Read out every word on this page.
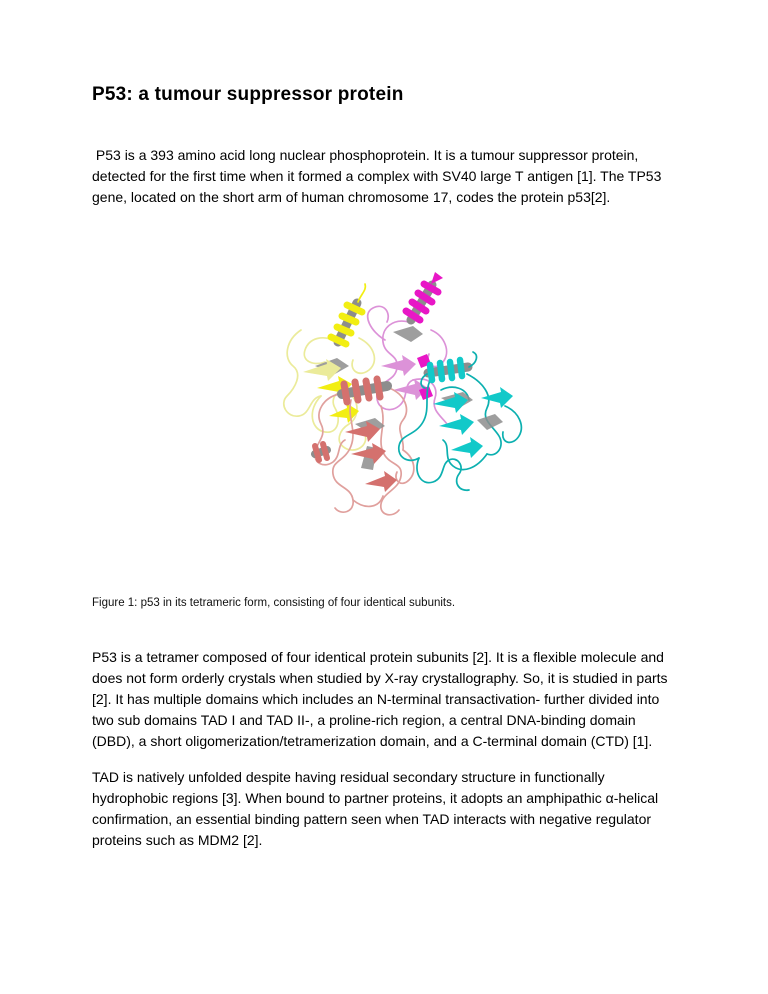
P53: a tumour suppressor protein

P53 is a 393 amino acid long nuclear phosphoprotein. It is a tumour suppressor protein, detected for the first time when it formed a complex with SV40 large T antigen [1]. The TP53 gene, located on the short arm of human chromosome 17, codes the protein p53[2].

Figure 1: p53 in its tetrameric form, consisting of four identical subunits.

P53 is a tetramer composed of four identical protein subunits [2]. It is a flexible molecule and does not form orderly crystals when studied by X-ray crystallography. So, it is studied in parts [2]. It has multiple domains which includes an N-terminal transactivation- further divided into two sub domains TAD I and TAD II-, a proline-rich region, a central DNA-binding domain (DBD), a short oligomerization/tetramerization domain, and a C-terminal domain (CTD) [1].

TAD is natively unfolded despite having residual secondary structure in functionally hydrophobic regions [3]. When bound to partner proteins, it adopts an amphipathic α-helical confirmation, an essential binding pattern seen when TAD interacts with negative regulator proteins such as MDM2 [2].
